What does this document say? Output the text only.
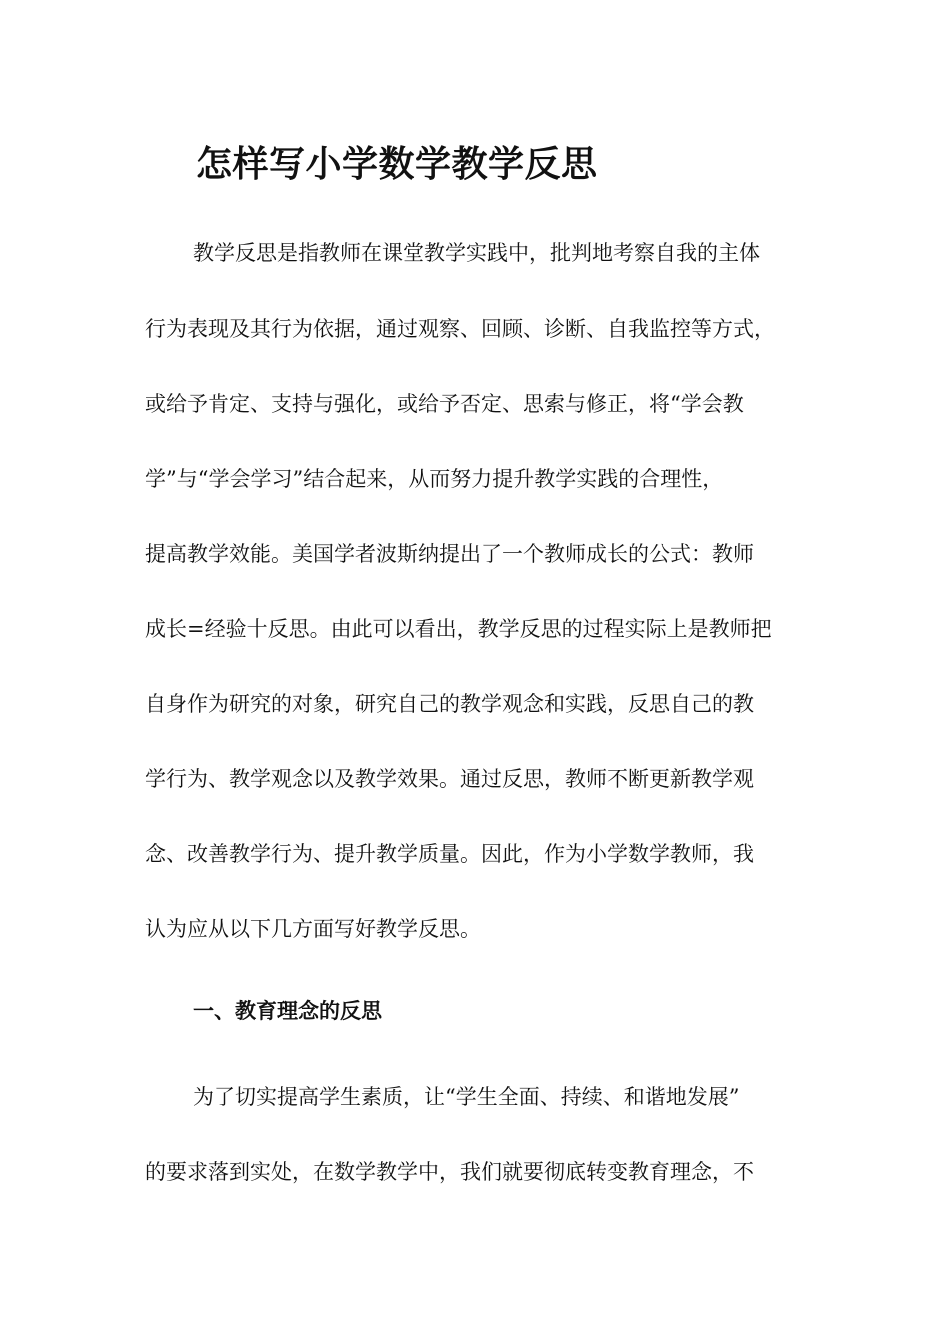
怎样写小学数学教学反思

教学反思是指教师在课堂教学实践中，批判地考察自我的主体

行为表现及其行为依据，通过观察、回顾、诊断、自我监控等方式，

或给予肯定、支持与强化，或给予否定、思索与修正，将“学会教

学”与“学会学习”结合起来，从而努力提升教学实践的合理性，

提高教学效能。美国学者波斯纳提出了一个教师成长的公式：教师

成长=经验十反思。由此可以看出，教学反思的过程实际上是教师把

自身作为研究的对象，研究自己的教学观念和实践，反思自己的教

学行为、教学观念以及教学效果。通过反思，教师不断更新教学观

念、改善教学行为、提升教学质量。因此，作为小学数学教师，我

认为应从以下几方面写好教学反思。

一、教育理念的反思

为了切实提高学生素质，让“学生全面、持续、和谐地发展”

的要求落到实处，在数学教学中，我们就要彻底转变教育理念，不
